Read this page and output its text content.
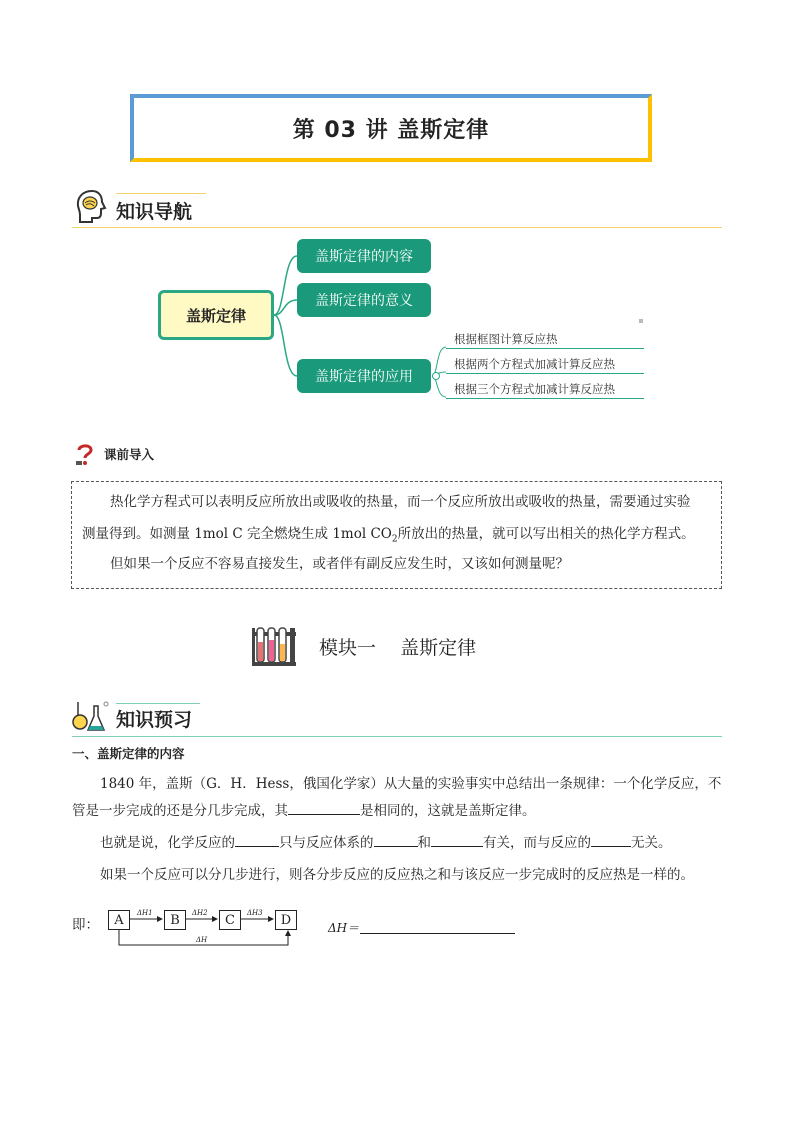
第 03 讲 盖斯定律
知识导航
盖斯定律
盖斯定律的内容
盖斯定律的意义
盖斯定律的应用
根据框图计算反应热
根据两个方程式加减计算反应热
根据三个方程式加减计算反应热
课前导入
热化学方程式可以表明反应所放出或吸收的热量，而一个反应所放出或吸收的热量，需要通过实验
测量得到。如测量 1mol C 完全燃烧生成 1mol $CO_2$所放出的热量，就可以写出相关的热化学方程式。
但如果一个反应不容易直接发生，或者伴有副反应发生时，又该如何测量呢？
模块一    盖斯定律
知识预习
一、盖斯定律的内容
1840 年，盖斯（G．H．Hess，俄国化学家）从大量的实验事实中总结出一条规律：一个化学反应，不
管是一步完成的还是分几步完成，其	是相同的，这就是盖斯定律。
也就是说，化学反应的	只与反应体系的	和	有关，而与反应的	无关。
如果一个反应可以分几步进行，则各分步反应的反应热之和与该反应一步完成时的反应热是一样的。
即：	A	B	C	D
ΔH1	ΔH2	ΔH3
ΔH
ΔH＝
